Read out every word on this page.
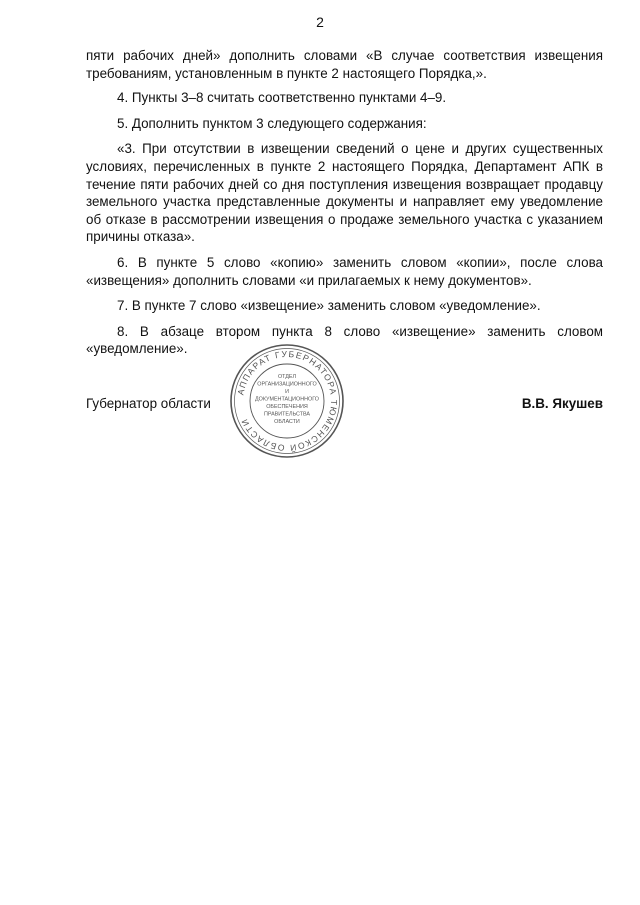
2

пяти рабочих дней» дополнить словами «В случае соответствия извещения требованиям, установленным в пункте 2 настоящего Порядка,».

4. Пункты 3–8 считать соответственно пунктами 4–9.

5. Дополнить пунктом 3 следующего содержания:

«3. При отсутствии в извещении сведений о цене и других существенных условиях, перечисленных в пункте 2 настоящего Порядка, Департамент АПК в течение пяти рабочих дней со дня поступления извещения возвращает продавцу земельного участка представленные документы и направляет ему уведомление об отказе в рассмотрении извещения о продаже земельного участка с указанием причины отказа».

6. В пункте 5 слово «копию» заменить словом «копии», после слова «извещения» дополнить словами «и прилагаемых к нему документов».

7. В пункте 7 слово «извещение» заменить словом «уведомление».

8. В абзаце втором пункта 8 слово «извещение» заменить словом «уведомление».

Губернатор области	В.В. Якушев
АППАРАТ ГУБЕРНАТОРА ТЮМЕНСКОЙ ОБЛАСТИ
ОТДЕЛ
ОРГАНИЗАЦИОННОГО
И
ДОКУМЕНТАЦИОННОГО
ОБЕСПЕЧЕНИЯ
ПРАВИТЕЛЬСТВА
ОБЛАСТИ
